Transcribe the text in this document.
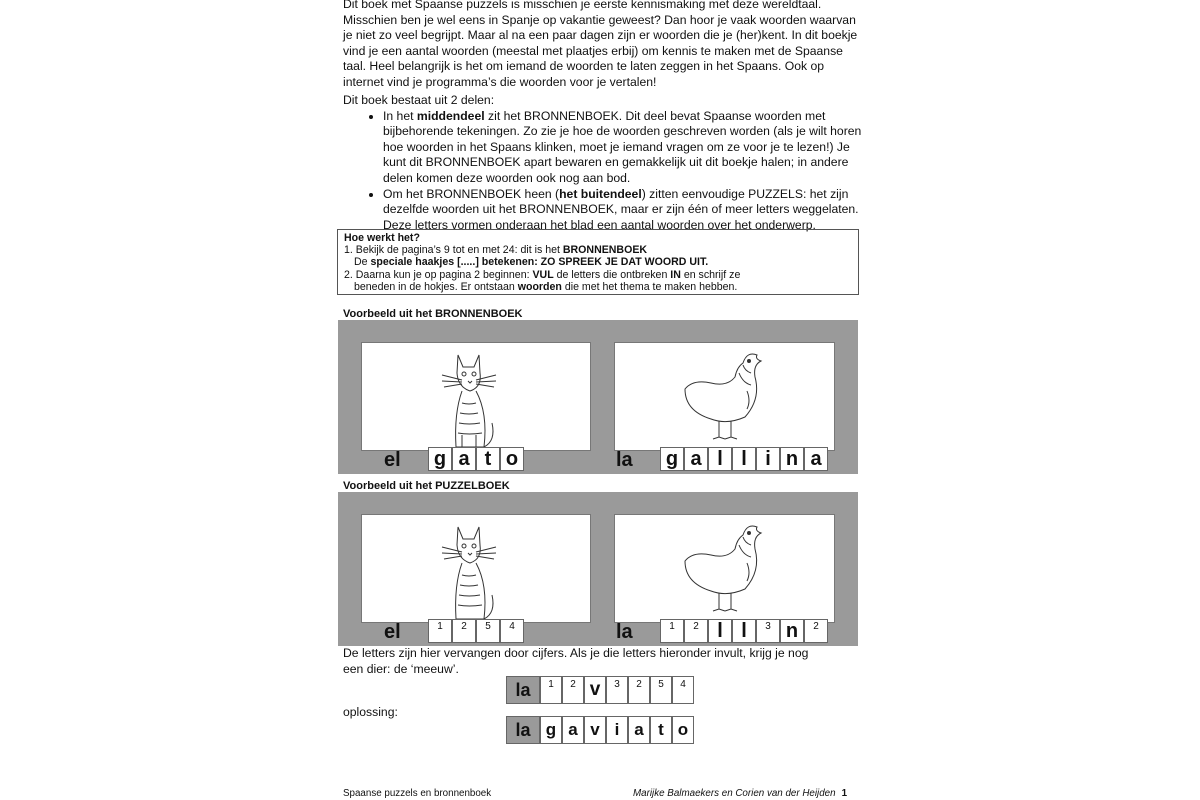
Dit boek met Spaanse puzzels is misschien je eerste kennismaking met deze wereldtaal.

Misschien ben je wel eens in Spanje op vakantie geweest? Dan hoor je vaak woorden waarvan

je niet zo veel begrijpt. Maar al na een paar dagen zijn er woorden die je (her)kent. In dit boekje

vind je een aantal woorden (meestal met plaatjes erbij) om kennis te maken met de Spaanse

taal. Heel belangrijk is het om iemand de woorden te laten zeggen in het Spaans. Ook op

internet vind je programma’s die woorden voor je vertalen!

Dit boek bestaat uit 2 delen:
• In het middendeel zit het BRONNENBOEK. Dit deel bevat Spaanse woorden met
bijbehorende tekeningen. Zo zie je hoe de woorden geschreven worden (als je wilt horen
hoe woorden in het Spaans klinken, moet je iemand vragen om ze voor je te lezen!) Je
kunt dit BRONNENBOEK apart bewaren en gemakkelijk uit dit boekje halen; in andere
delen komen deze woorden ook nog aan bod.
• Om het BRONNENBOEK heen (het buitendeel) zitten eenvoudige PUZZELS: het zijn
dezelfde woorden uit het BRONNENBOEK, maar er zijn één of meer letters weggelaten.
Deze letters vormen onderaan het blad een aantal woorden over het onderwerp.
Hoe werkt het?
1. Bekijk de pagina’s 9 tot en met 24: dit is het BRONNENBOEK
De speciale haakjes [.....] betekenen: ZO SPREEK JE DAT WOORD UIT.
2. Daarna kun je op pagina 2 beginnen: VUL de letters die ontbreken IN en schrijf ze
beneden in de hokjes. Er ontstaan woorden die met het thema te maken hebben.
Voorbeeld uit het BRONNENBOEK
el g a t o	la g a l l i n a
Voorbeeld uit het PUZZELBOEK
el	1	2	5	4	la	1	2 l l	3 n	2
De letters zijn hier vervangen door cijfers. Als je die letters hieronder invult, krijg je nog
een dier: de ‘meeuw’.
la	1	2 v	3	2	5	4
oplossing:
la g a v i a t o
Spaanse puzzels en bronnenboek	Marijke Balmaekers en Corien van der Heijden 1
